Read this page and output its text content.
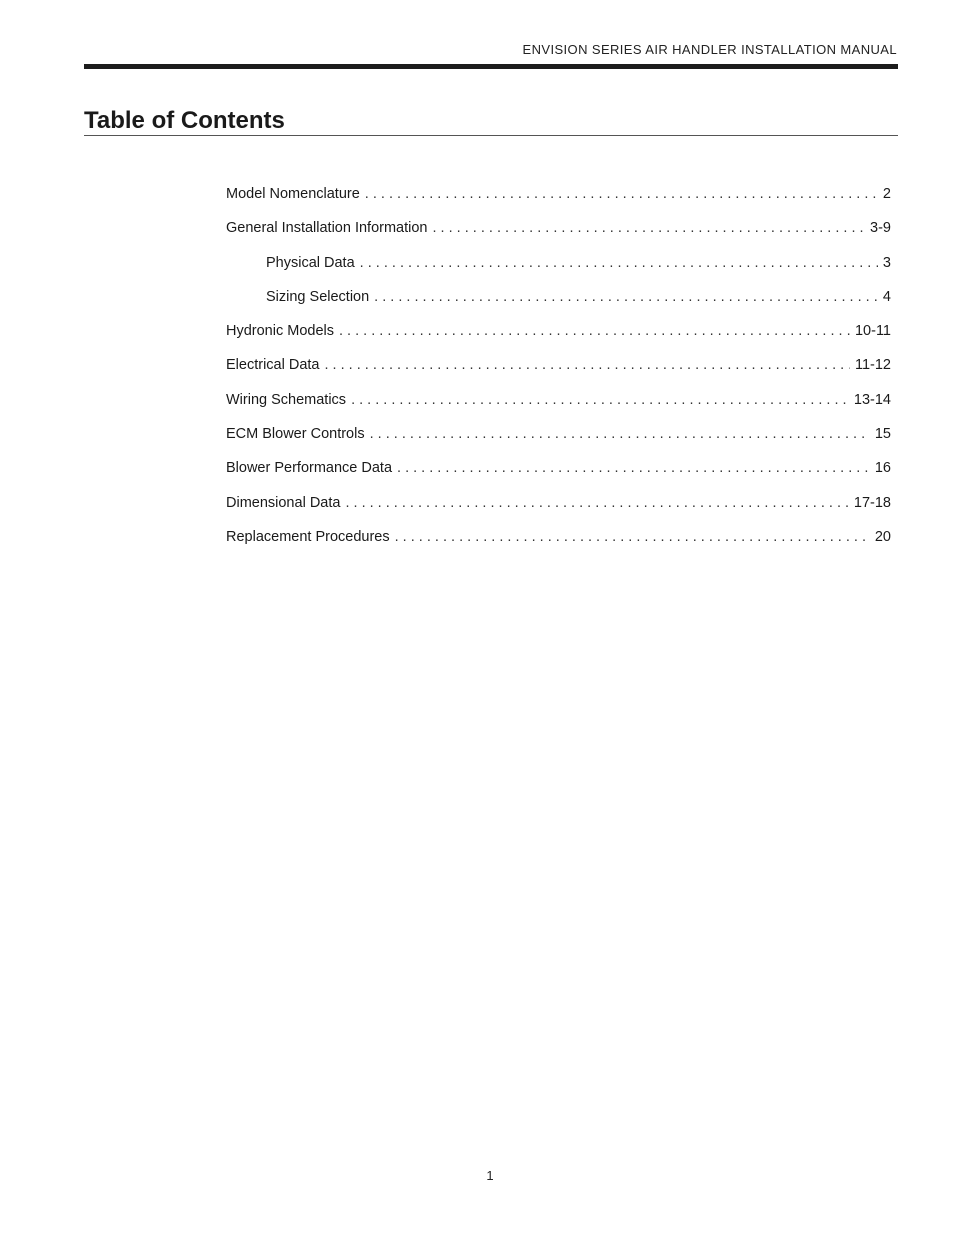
ENVISION SERIES AIR HANDLER INSTALLATION MANUAL
Table of Contents
Model Nomenclature . . .	2
General Installation Information . . .	3-9
Physical Data . . .	3
Sizing Selection . . .	4
Hydronic Models . . .	10-11
Electrical Data . . .	11-12
Wiring Schematics . . .	13-14
ECM Blower Controls . . .	15
Blower Performance Data . . .	16
Dimensional Data . . .	17-18
Replacement Procedures . . .	20
1
